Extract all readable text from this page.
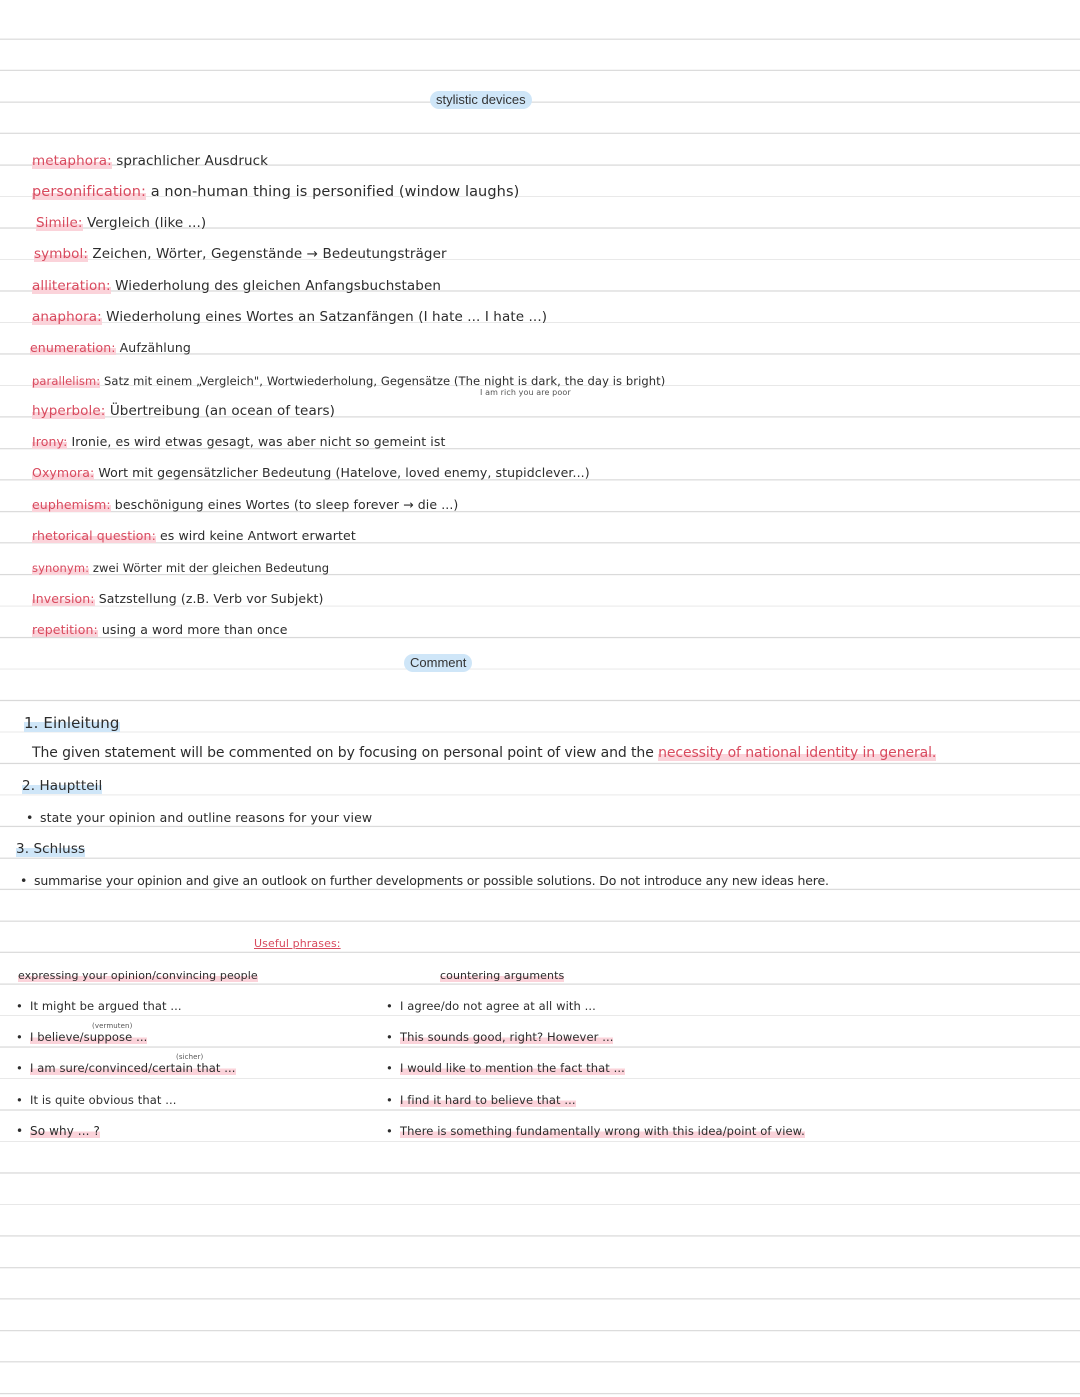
stylistic devices
metaphora: sprachlicher Ausdruck
personification: a non-human thing is personified (window laughs)
Simile: Vergleich (like ...)
symbol: Zeichen, Wörter, Gegenstände → Bedeutungsträger
alliteration: Wiederholung des gleichen Anfangsbuchstaben
anaphora: Wiederholung eines Wortes an Satzanfängen (I hate ... I hate ...)
enumeration: Aufzählung
parallelism: Satz mit einem „Vergleich", Wortwiederholung, Gegensätze (The night is dark, the day is bright)
I am rich you are poor
hyperbole: Übertreibung (an ocean of tears)
Irony: Ironie, es wird etwas gesagt, was aber nicht so gemeint ist
Oxymora: Wort mit gegensätzlicher Bedeutung (Hatelove, loved enemy, stupidclever...)
euphemism: beschönigung eines Wortes (to sleep forever → die ...)
rhetorical question: es wird keine Antwort erwartet
synonym: zwei Wörter mit der gleichen Bedeutung
Inversion: Satzstellung (z.B. Verb vor Subjekt)
repetition: using a word more than once
Comment
1. Einleitung
The given statement will be commented on by focusing on personal point of view and the necessity of national identity in general.
2. Hauptteil
• state your opinion and outline reasons for your view
3. Schluss
• summarise your opinion and give an outlook on further developments or possible solutions. Do not introduce any new ideas here.
Useful phrases:
expressing your opinion/convincing people	countering arguments
• It might be argued that ...
(vermuten)
• I believe/suppose ...
(sicher)
• I am sure/convinced/certain that ...
• It is quite obvious that ...
• So why ... ?
• I agree/do not agree at all with ...
• This sounds good, right? However ...
• I would like to mention the fact that ...
• I find it hard to believe that ...
• There is something fundamentally wrong with this idea/point of view.
